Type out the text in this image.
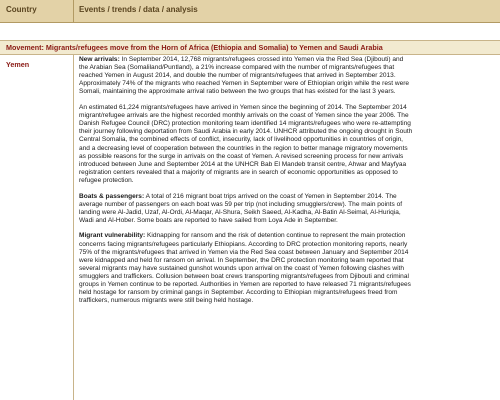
Country	Events / trends / data / analysis
Movement: Migrants/refugees move from the Horn of Africa (Ethiopia and Somalia) to Yemen and Saudi Arabia
Yemen
New arrivals: In September 2014, 12,768 migrants/refugees crossed into Yemen via the Red Sea (Djibouti) and
the Arabian Sea (Somaliland/Puntland), a 21% increase compared with the number of migrants/refugees that
reached Yemen in August 2014, and double the number of migrants/refugees that arrived in September 2013.
Approximately 74% of the migrants who reached Yemen in September were of Ethiopian origin while the rest were
Somali, maintaining the approximate arrival ratio between the two groups that has existed for the last 3 years.
An estimated 61,224 migrants/refugees have arrived in Yemen since the beginning of 2014. The September 2014
migrant/refugee arrivals are the highest recorded monthly arrivals on the coast of Yemen since the year 2006. The
Danish Refugee Council (DRC) protection monitoring team identified 14 migrants/refugees who were re-attempting
their journey following deportation from Saudi Arabia in early 2014. UNHCR attributed the ongoing drought in South
Central Somalia, the combined effects of conflict, insecurity, lack of livelihood opportunities in countries of origin,
and a decreasing level of cooperation between the countries in the region to better manage migratory movements
as possible reasons for the surge in arrivals on the coast of Yemen. A revised screening process for new arrivals
introduced between June and September 2014 at the UNHCR Bab El Mandeb transit centre, Ahwar and Mayfyaa
registration centers revealed that a majority of migrants are in search of economic opportunities as opposed to
refugee protection.
Boats & passengers: A total of 216 migrant boat trips arrived on the coast of Yemen in September 2014. The
average number of passengers on each boat was 59 per trip (not including smugglers/crew). The main points of
landing were Al-Jadid, Uzaf, Al-Ordi, Al-Maqar, Al-Shura, Seikh Saeed, Al-Kadha, Al-Batin Al-Seimal, Al-Huriqia,
Wadi and Al-Hober. Some boats are reported to have sailed from Loya Ade in September.
Migrant vulnerability: Kidnapping for ransom and the risk of detention continue to represent the main protection
concerns facing migrants/refugees particularly Ethiopians. According to DRC protection monitoring reports, nearly
75% of the migrants/refugees that arrived in Yemen via the Red Sea coast between January and September 2014
were kidnapped and held for ransom on arrival. In September, the DRC protection monitoring team reported that
several migrants may have sustained gunshot wounds upon arrival on the coast of Yemen following clashes with
smugglers and traffickers. Collusion between boat crews transporting migrants/refugees from Djibouti and criminal
groups in Yemen continue to be reported. Authorities in Yemen are reported to have released 71 migrants/refugees
held hostage for ransom by criminal gangs in September. According to Ethiopian migrants/refugees freed from
traffickers, numerous migrants were still being held hostage.
